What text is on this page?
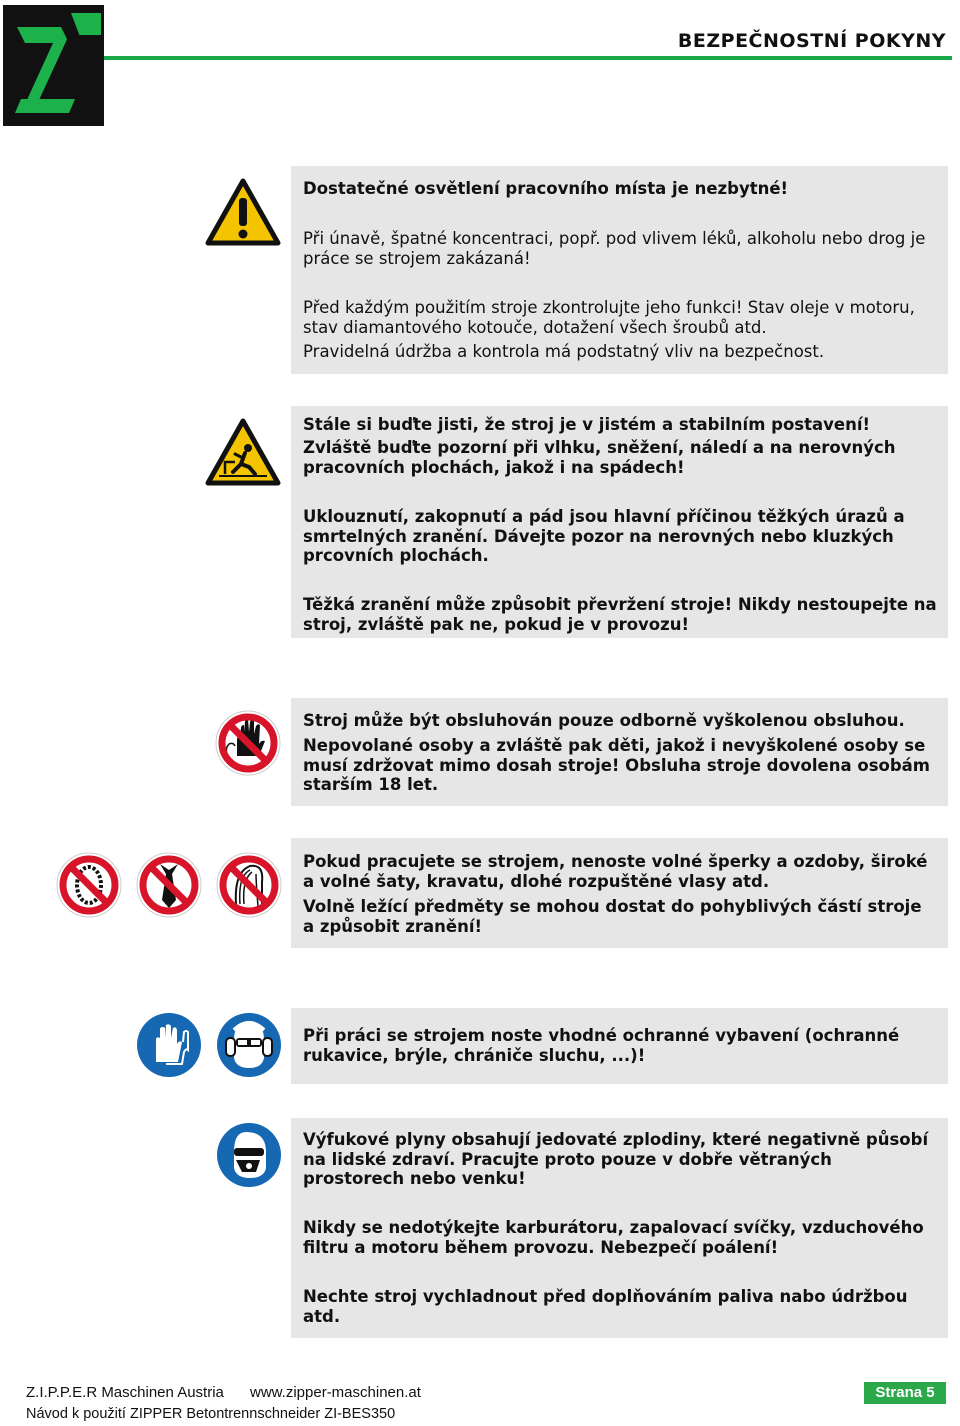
BEZPEČNOSTNÍ POKYNY
Dostatečné osvětlení pracovního místa je nezbytné!
Při únavě, špatné koncentraci, popř. pod vlivem léků, alkoholu nebo drog je práce se strojem zakázaná!
Před každým použitím stroje zkontrolujte jeho funkci! Stav oleje v motoru, stav diamantového kotouče, dotažení všech šroubů atd.
Pravidelná údržba a kontrola má podstatný vliv na bezpečnost.
Stále si buďte jisti, že stroj je v jistém a stabilním postavení!
Zvláště buďte pozorní při vlhku, sněžení, náledí a na nerovných pracovních plochách, jakož i na spádech!
Uklouznutí, zakopnutí a pád jsou hlavní příčinou těžkých úrazů a smrtelných zranění. Dávejte pozor na nerovných nebo kluzkých prcovních plochách.
Těžká zranění může způsobit převržení stroje! Nikdy nestoupejte na stroj, zvláště pak ne, pokud je v provozu!
Stroj může být obsluhován pouze odborně vyškolenou obsluhou.
Nepovolané osoby a zvláště pak děti, jakož i nevyškolené osoby se musí zdržovat mimo dosah stroje! Obsluha stroje dovolena osobám starším 18 let.
Pokud pracujete se strojem, nenoste volné šperky a ozdoby, široké a volné šaty, kravatu, dlohé rozpuštěné vlasy atd.
Volně ležící předměty se mohou dostat do pohyblivých částí stroje a způsobit zranění!
Při práci se strojem noste vhodné ochranné vybavení (ochranné rukavice, brýle, chrániče sluchu, ...)!
Výfukové plyny obsahují jedovaté zplodiny, které negativně působí na lidské zdraví. Pracujte proto pouze v dobře větraných prostorech nebo venku!
Nikdy se nedotýkejte karburátoru, zapalovací svíčky, vzduchového filtru a motoru během provozu. Nebezpečí poálení!
Nechte stroj vychladnout před doplňováním paliva nabo údržbou atd.
Z.I.P.P.E.R Maschinen Austria www.zipper-maschinen.at	Strana 5
Návod k použití ZIPPER Betontrennschneider ZI-BES350
